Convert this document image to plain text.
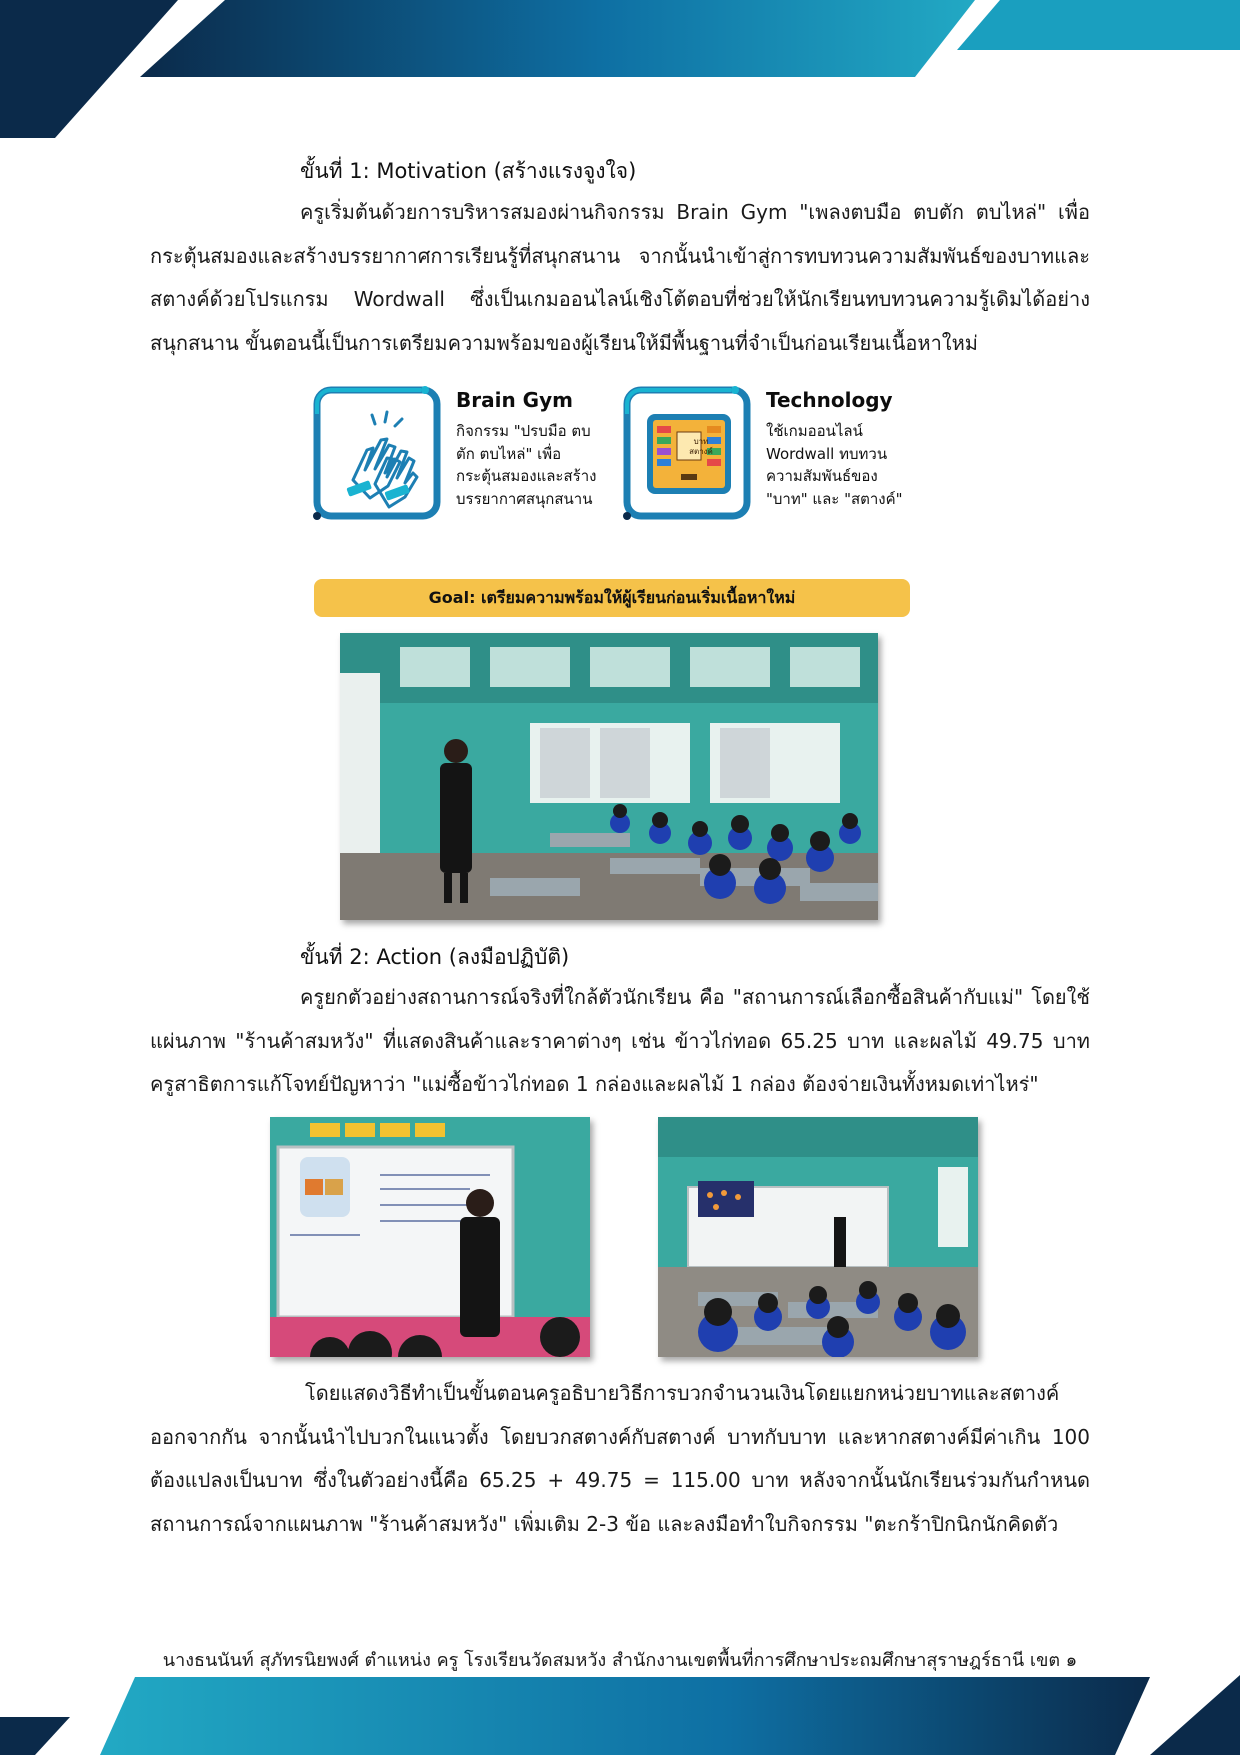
ขั้นที่ 1: Motivation (สร้างแรงจูงใจ)
ครูเริ่มต้นด้วยการบริหารสมองผ่านกิจกรรม Brain Gym "เพลงตบมือ ตบตัก ตบไหล่" เพื่อกระตุ้นสมองและสร้างบรรยากาศการเรียนรู้ที่สนุกสนาน จากนั้นนำเข้าสู่การทบทวนความสัมพันธ์ของบาทและสตางค์ด้วยโปรแกรม Wordwall ซึ่งเป็นเกมออนไลน์เชิงโต้ตอบที่ช่วยให้นักเรียนทบทวนความรู้เดิมได้อย่างสนุกสนาน ขั้นตอนนี้เป็นการเตรียมความพร้อมของผู้เรียนให้มีพื้นฐานที่จำเป็นก่อนเรียนเนื้อหาใหม่
Brain Gym
กิจกรรม "ปรบมือ ตบตัก ตบไหล่" เพื่อกระตุ้นสมองและสร้างบรรยากาศสนุกสนาน
บาท
สตางค์
Technology
ใช้เกมออนไลน์ Wordwall ทบทวนความสัมพันธ์ของ "บาท" และ "สตางค์"
Goal: เตรียมความพร้อมให้ผู้เรียนก่อนเริ่มเนื้อหาใหม่
ขั้นที่ 2: Action (ลงมือปฏิบัติ)
ครูยกตัวอย่างสถานการณ์จริงที่ใกล้ตัวนักเรียน คือ "สถานการณ์เลือกซื้อสินค้ากับแม่" โดยใช้แผ่นภาพ "ร้านค้าสมหวัง" ที่แสดงสินค้าและราคาต่างๆ เช่น ข้าวไก่ทอด 65.25 บาท และผลไม้ 49.75 บาท ครูสาธิตการแก้โจทย์ปัญหาว่า "แม่ซื้อข้าวไก่ทอด 1 กล่องและผลไม้ 1 กล่อง ต้องจ่ายเงินทั้งหมดเท่าไหร่"
โดยแสดงวิธีทำเป็นขั้นตอนครูอธิบายวิธีการบวกจำนวนเงินโดยแยกหน่วยบาทและสตางค์ออกจากกัน จากนั้นนำไปบวกในแนวตั้ง โดยบวกสตางค์กับสตางค์ บาทกับบาท และหากสตางค์มีค่าเกิน 100 ต้องแปลงเป็นบาท ซึ่งในตัวอย่างนี้คือ 65.25 + 49.75 = 115.00 บาท หลังจากนั้นนักเรียนร่วมกันกำหนดสถานการณ์จากแผนภาพ "ร้านค้าสมหวัง" เพิ่มเติม 2-3 ข้อ และลงมือทำใบกิจกรรม "ตะกร้าปิกนิกนักคิดตัว
นางธนนันท์ สุภัทรนิยพงศ์ ตำแหน่ง ครู โรงเรียนวัดสมหวัง สำนักงานเขตพื้นที่การศึกษาประถมศึกษาสุราษฎร์ธานี เขต ๑
